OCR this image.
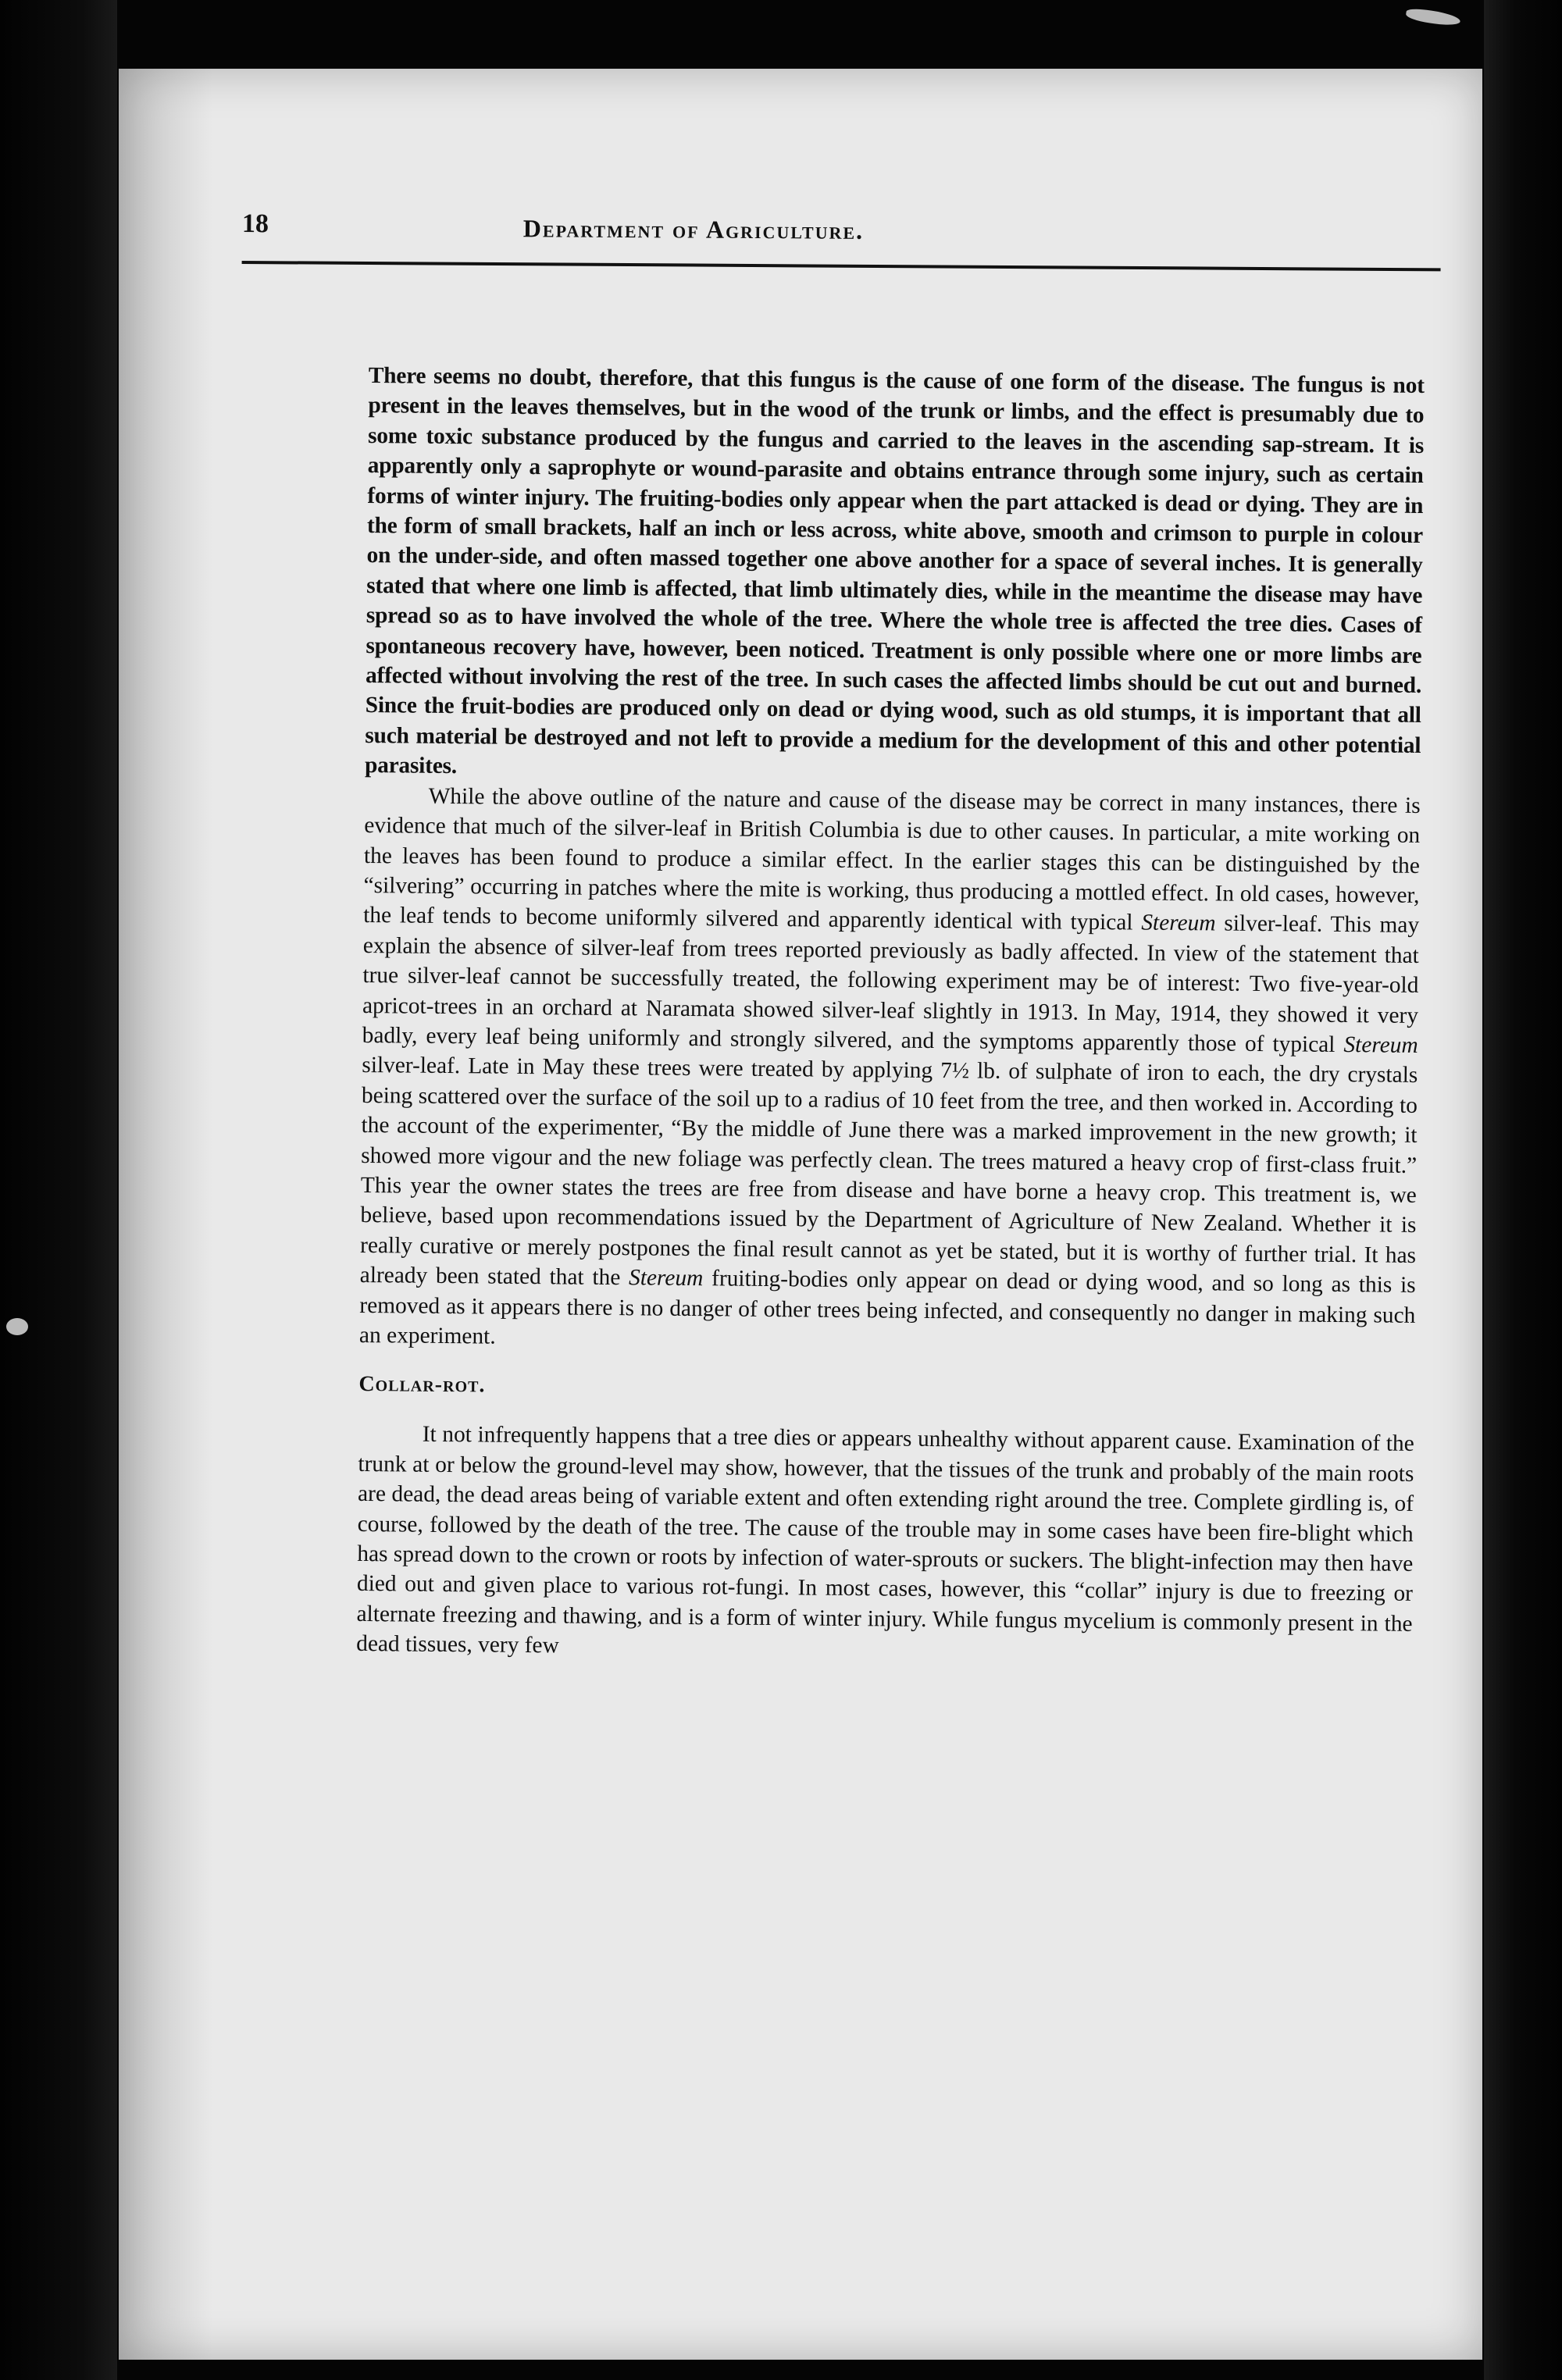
18	Department of Agriculture.

There seems no doubt, therefore, that this fungus is the cause of one form of the disease. The fungus is not present in the leaves themselves, but in the wood of the trunk or limbs, and the effect is presumably due to some toxic substance produced by the fungus and carried to the leaves in the ascending sap-stream. It is apparently only a saprophyte or wound-parasite and obtains entrance through some injury, such as certain forms of winter injury. The fruiting-bodies only appear when the part attacked is dead or dying. They are in the form of small brackets, half an inch or less across, white above, smooth and crimson to purple in colour on the under-side, and often massed together one above another for a space of several inches. It is generally stated that where one limb is affected, that limb ultimately dies, while in the meantime the disease may have spread so as to have involved the whole of the tree. Where the whole tree is affected the tree dies. Cases of spontaneous recovery have, however, been noticed. Treatment is only possible where one or more limbs are affected without involving the rest of the tree. In such cases the affected limbs should be cut out and burned. Since the fruit-bodies are produced only on dead or dying wood, such as old stumps, it is important that all such material be destroyed and not left to provide a medium for the development of this and other potential parasites.

While the above outline of the nature and cause of the disease may be correct in many instances, there is evidence that much of the silver-leaf in British Columbia is due to other causes. In particular, a mite working on the leaves has been found to produce a similar effect. In the earlier stages this can be distinguished by the “silvering” occurring in patches where the mite is working, thus producing a mottled effect. In old cases, however, the leaf tends to become uniformly silvered and apparently identical with typical Stereum silver-leaf. This may explain the absence of silver-leaf from trees reported previously as badly affected. In view of the statement that true silver-leaf cannot be successfully treated, the following experiment may be of interest: Two five-year-old apricot-trees in an orchard at Naramata showed silver-leaf slightly in 1913. In May, 1914, they showed it very badly, every leaf being uniformly and strongly silvered, and the symptoms apparently those of typical Stereum silver-leaf. Late in May these trees were treated by applying 7½ lb. of sulphate of iron to each, the dry crystals being scattered over the surface of the soil up to a radius of 10 feet from the tree, and then worked in. According to the account of the experimenter, “By the middle of June there was a marked improvement in the new growth; it showed more vigour and the new foliage was perfectly clean. The trees matured a heavy crop of first-class fruit.” This year the owner states the trees are free from disease and have borne a heavy crop. This treatment is, we believe, based upon recommendations issued by the Department of Agriculture of New Zealand. Whether it is really curative or merely postpones the final result cannot as yet be stated, but it is worthy of further trial. It has already been stated that the Stereum fruiting-bodies only appear on dead or dying wood, and so long as this is removed as it appears there is no danger of other trees being infected, and consequently no danger in making such an experiment.

Collar-rot.

It not infrequently happens that a tree dies or appears unhealthy without apparent cause. Examination of the trunk at or below the ground-level may show, however, that the tissues of the trunk and probably of the main roots are dead, the dead areas being of variable extent and often extending right around the tree. Complete girdling is, of course, followed by the death of the tree. The cause of the trouble may in some cases have been fire-blight which has spread down to the crown or roots by infection of water-sprouts or suckers. The blight-infection may then have died out and given place to various rot-fungi. In most cases, however, this “collar” injury is due to freezing or alternate freezing and thawing, and is a form of winter injury. While fungus mycelium is commonly present in the dead tissues, very few
